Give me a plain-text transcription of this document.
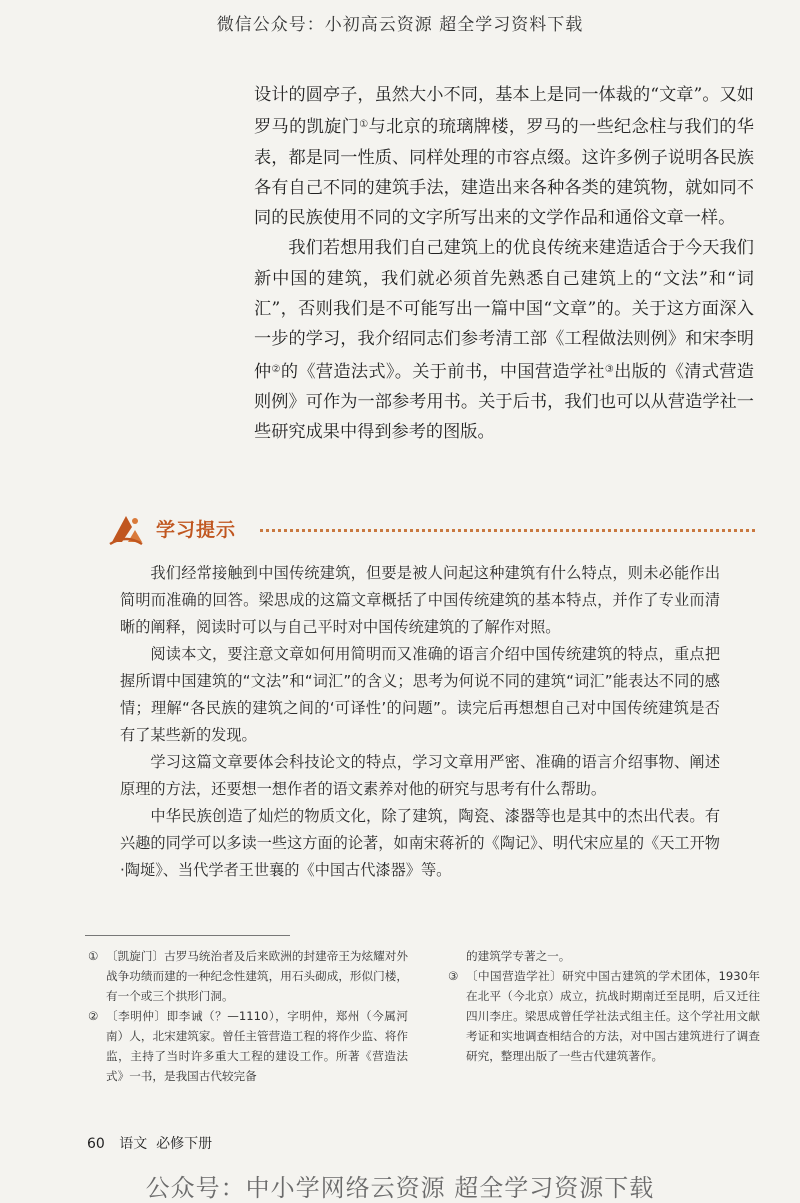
微信公众号：小初高云资源 超全学习资料下载

设计的圆亭子，虽然大小不同，基本上是同一体裁的“文章”。又如罗马的凯旋门①与北京的琉璃牌楼，罗马的一些纪念柱与我们的华表，都是同一性质、同样处理的市容点缀。这许多例子说明各民族各有自己不同的建筑手法，建造出来各种各类的建筑物，就如同不同的民族使用不同的文字所写出来的文学作品和通俗文章一样。

我们若想用我们自己建筑上的优良传统来建造适合于今天我们新中国的建筑，我们就必须首先熟悉自己建筑上的“文法”和“词汇”，否则我们是不可能写出一篇中国“文章”的。关于这方面深入一步的学习，我介绍同志们参考清工部《工程做法则例》和宋李明仲②的《营造法式》。关于前书，中国营造学社③出版的《清式营造则例》可作为一部参考用书。关于后书，我们也可以从营造学社一些研究成果中得到参考的图版。

学习提示

我们经常接触到中国传统建筑，但要是被人问起这种建筑有什么特点，则未必能作出简明而准确的回答。梁思成的这篇文章概括了中国传统建筑的基本特点，并作了专业而清晰的阐释，阅读时可以与自己平时对中国传统建筑的了解作对照。

阅读本文，要注意文章如何用简明而又准确的语言介绍中国传统建筑的特点，重点把握所谓中国建筑的“文法”和“词汇”的含义；思考为何说不同的建筑“词汇”能表达不同的感情；理解“各民族的建筑之间的‘可译性’的问题”。读完后再想想自己对中国传统建筑是否有了某些新的发现。

学习这篇文章要体会科技论文的特点，学习文章用严密、准确的语言介绍事物、阐述原理的方法，还要想一想作者的语文素养对他的研究与思考有什么帮助。

中华民族创造了灿烂的物质文化，除了建筑，陶瓷、漆器等也是其中的杰出代表。有兴趣的同学可以多读一些这方面的论著，如南宋蒋祈的《陶记》、明代宋应星的《天工开物·陶埏》、当代学者王世襄的《中国古代漆器》等。

① 〔凯旋门〕古罗马统治者及后来欧洲的封建帝王为炫耀对外战争功绩而建的一种纪念性建筑，用石头砌成，形似门楼，有一个或三个拱形门洞。
② 〔李明仲〕即李诫（？—1110），字明仲，郑州（今属河南）人，北宋建筑家。曾任主管营造工程的将作少监、将作监，主持了当时许多重大工程的建设工作。所著《营造法式》一书，是我国古代较完备
的建筑学专著之一。
③ 〔中国营造学社〕研究中国古建筑的学术团体，1930年在北平（今北京）成立，抗战时期南迁至昆明，后又迁往四川李庄。梁思成曾任学社法式组主任。这个学社用文献考证和实地调查相结合的方法，对中国古建筑进行了调查研究，整理出版了一些古代建筑著作。
60 语文  必修下册
公众号：中小学网络云资源 超全学习资源下载
